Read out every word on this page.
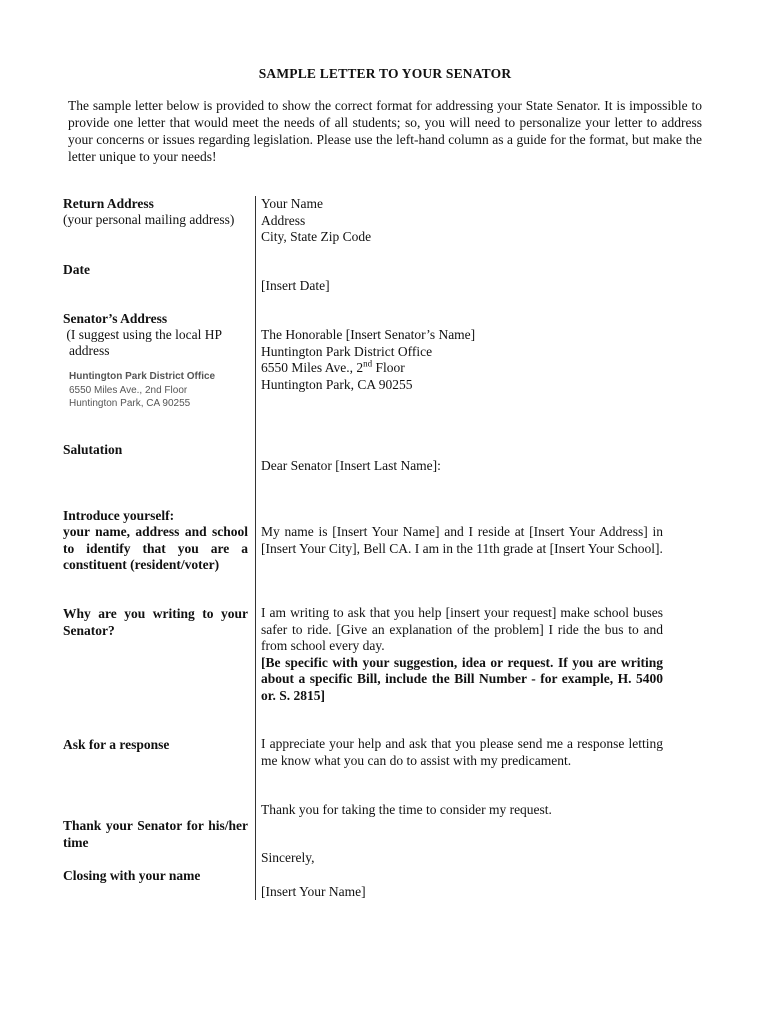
SAMPLE LETTER TO YOUR SENATOR
The sample letter below is provided to show the correct format for addressing your State Senator. It is impossible to provide one letter that would meet the needs of all students; so, you will need to personalize your letter to address your concerns or issues regarding legislation. Please use the left-hand column as a guide for the format, but make the letter unique to your needs!
Return Address
(your personal mailing address)
Your Name
Address
City, State Zip Code
Date
[Insert Date]
Senator’s Address
(I suggest using the local HP
address
Huntington Park District Office
6550 Miles Ave., 2nd Floor
Huntington Park, CA 90255
The Honorable [Insert Senator’s Name]
Huntington Park District Office
6550 Miles Ave., 2nd Floor
Huntington Park, CA 90255
Salutation
Dear Senator [Insert Last Name]:
Introduce yourself:
your name, address and school to identify that you are a constituent (resident/voter)
My name is [Insert Your Name] and I reside at [Insert Your Address] in [Insert Your City], Bell CA. I am in the 11th grade at [Insert Your School].
Why are you writing to your Senator?
I am writing to ask that you help [insert your request] make school buses safer to ride. [Give an explanation of the problem] I ride the bus to and from school every day.
[Be specific with your suggestion, idea or request. If you are writing about a specific Bill, include the Bill Number - for example, H. 5400 or. S. 2815]
Ask for a response	I appreciate your help and ask that you please send me a response letting me know what you can do to assist with my predicament.
Thank you for taking the time to consider my request.
Thank your Senator for his/her time
Sincerely,
Closing with your name
[Insert Your Name]
